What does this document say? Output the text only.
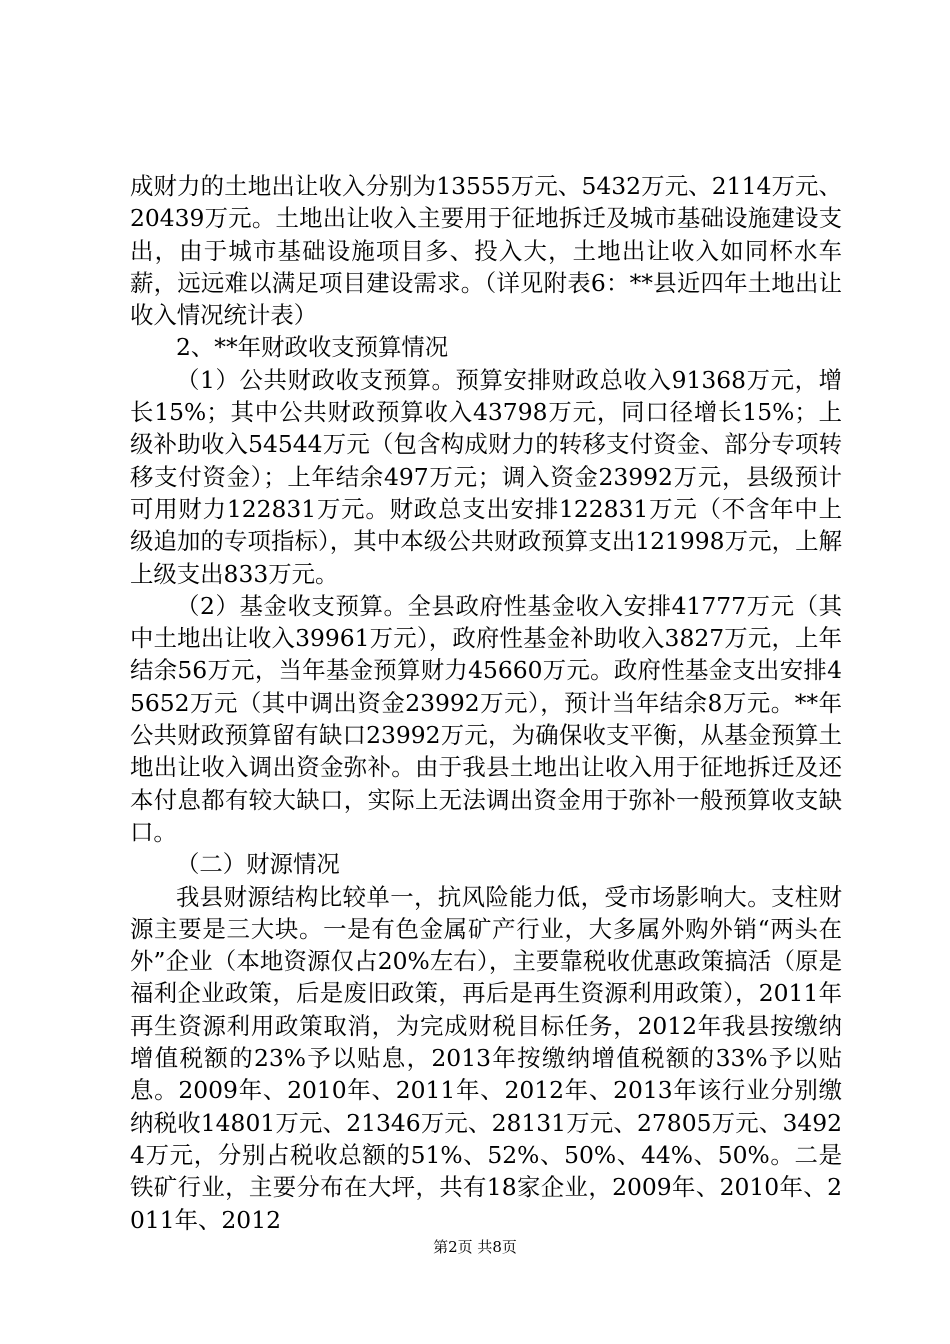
成财力的土地出让收入分别为13555万元、5432万元、2114万元、20439万元。土地出让收入主要用于征地拆迁及城市基础设施建设支出，由于城市基础设施项目多、投入大，土地出让收入如同杯水车薪，远远难以满足项目建设需求。（详见附表6：**县近四年土地出让收入情况统计表）

2、**年财政收支预算情况

（1）公共财政收支预算。预算安排财政总收入91368万元，增长15%；其中公共财政预算收入43798万元，同口径增长15%；上级补助收入54544万元（包含构成财力的转移支付资金、部分专项转移支付资金）；上年结余497万元；调入资金23992万元，县级预计可用财力122831万元。财政总支出安排122831万元（不含年中上级追加的专项指标），其中本级公共财政预算支出121998万元，上解上级支出833万元。

（2）基金收支预算。全县政府性基金收入安排41777万元（其中土地出让收入39961万元），政府性基金补助收入3827万元，上年结余56万元，当年基金预算财力45660万元。政府性基金支出安排45652万元（其中调出资金23992万元），预计当年结余8万元。**年公共财政预算留有缺口23992万元，为确保收支平衡，从基金预算土地出让收入调出资金弥补。由于我县土地出让收入用于征地拆迁及还本付息都有较大缺口，实际上无法调出资金用于弥补一般预算收支缺口。

（二）财源情况

我县财源结构比较单一，抗风险能力低，受市场影响大。支柱财源主要是三大块。一是有色金属矿产行业，大多属外购外销“两头在外”企业（本地资源仅占20%左右），主要靠税收优惠政策搞活（原是福利企业政策，后是废旧政策，再后是再生资源利用政策），2011年再生资源利用政策取消，为完成财税目标任务，2012年我县按缴纳增值税额的23%予以贴息，2013年按缴纳增值税额的33%予以贴息。2009年、2010年、2011年、2012年、2013年该行业分别缴纳税收14801万元、21346万元、28131万元、27805万元、34924万元，分别占税收总额的51%、52%、50%、44%、50%。二是铁矿行业，主要分布在大坪，共有18家企业，2009年、2010年、2011年、2012

第2页 共8页
